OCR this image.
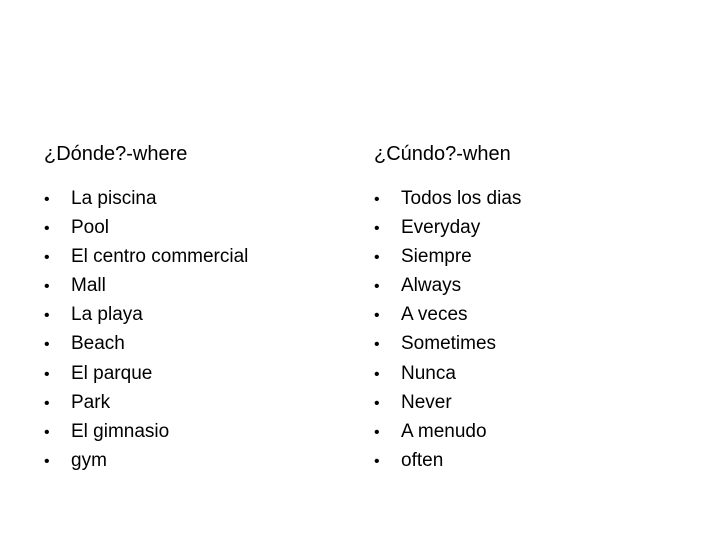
¿Dónde?-where
•	La piscina
•	Pool
•	El centro commercial
•	Mall
•	La playa
•	Beach
•	El parque
•	Park
•	El gimnasio
•	gym
¿Cúndo?-when
•	Todos los dias
•	Everyday
•	Siempre
•	Always
•	A veces
•	Sometimes
•	Nunca
•	Never
•	A menudo
•	often
